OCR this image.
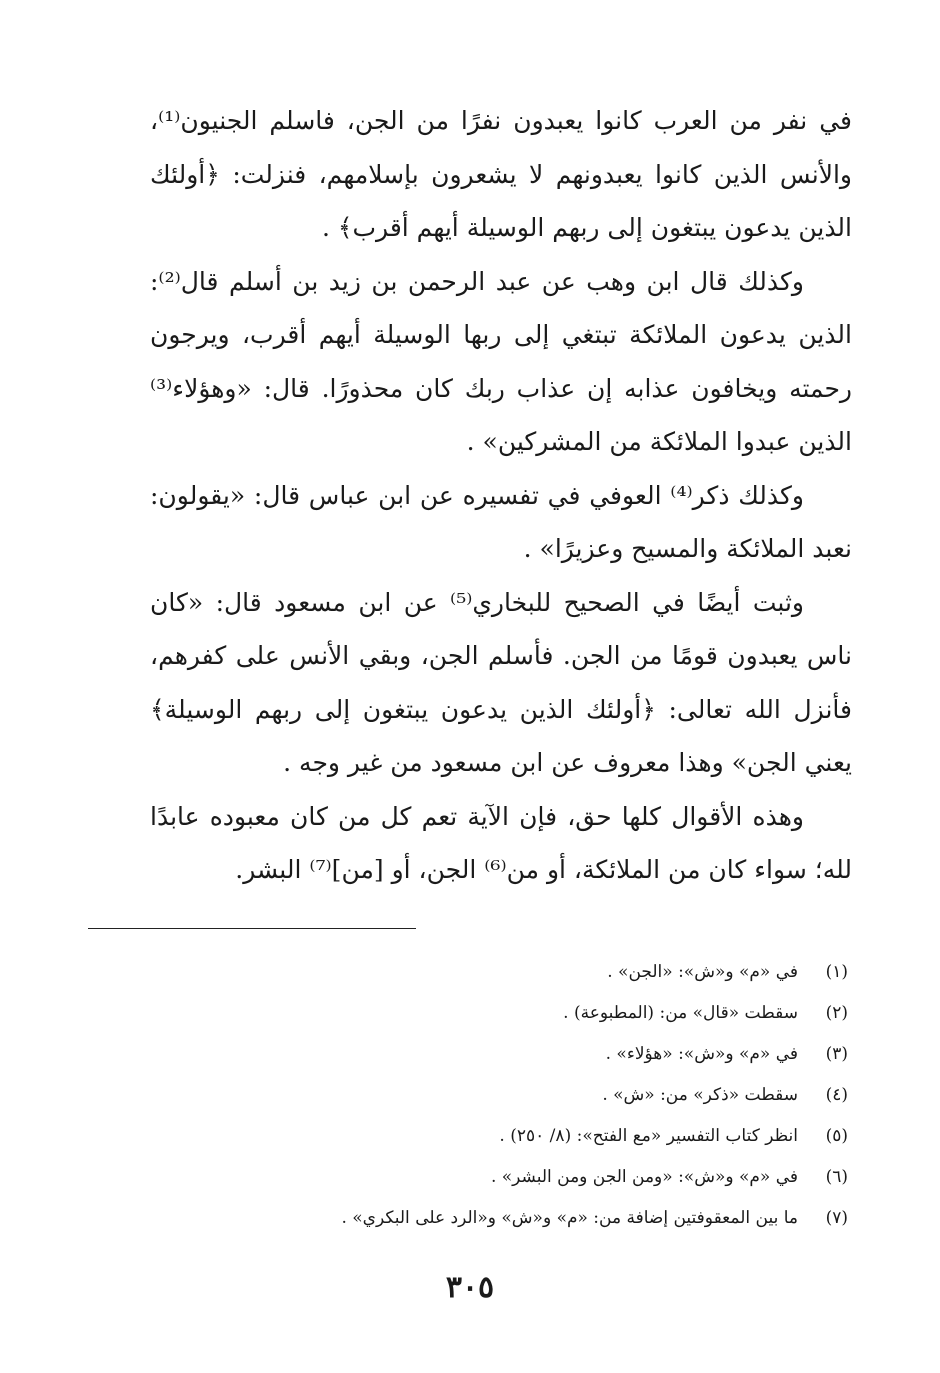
في نفر من العرب كانوا يعبدون نفرًا من الجن، فاسلم الجنيون⁽¹⁾، والأنس الذين كانوا يعبدونهم لا يشعرون بإسلامهم، فنزلت: ﴿أولئك الذين يدعون يبتغون إلى ربهم الوسيلة أيهم أقرب﴾ .

وكذلك قال ابن وهب عن عبد الرحمن بن زيد بن أسلم قال⁽²⁾: الذين يدعون الملائكة تبتغي إلى ربها الوسيلة أيهم أقرب، ويرجون رحمته ويخافون عذابه إن عذاب ربك كان محذورًا. قال: «وهؤلاء⁽³⁾ الذين عبدوا الملائكة من المشركين» .

وكذلك ذكر⁽⁴⁾ العوفي في تفسيره عن ابن عباس قال: «يقولون: نعبد الملائكة والمسيح وعزيرًا» .

وثبت أيضًا في الصحيح للبخاري⁽⁵⁾ عن ابن مسعود قال: «كان ناس يعبدون قومًا من الجن. فأسلم الجن، وبقي الأنس على كفرهم، فأنزل الله تعالى: ﴿أولئك الذين يدعون يبتغون إلى ربهم الوسيلة﴾ يعني الجن» وهذا معروف عن ابن مسعود من غير وجه .

وهذه الأقوال كلها حق، فإن الآية تعم كل من كان معبوده عابدًا لله؛ سواء كان من الملائكة، أو من⁽⁶⁾ الجن، أو [من]⁽⁷⁾ البشر.

(١)
في «م» و«ش»: «الجن» .
(٢)
سقطت «قال» من: (المطبوعة) .
(٣)
في «م» و«ش»: «هؤلاء» .
(٤)
سقطت «ذكر» من: «ش» .
(٥)
انظر كتاب التفسير «مع الفتح»: (٨/ ٢٥٠) .
(٦)
في «م» و«ش»: «ومن الجن ومن البشر» .
(٧)
ما بين المعقوفتين إضافة من: «م» و«ش» و«الرد على البكري» .
٣٠٥
